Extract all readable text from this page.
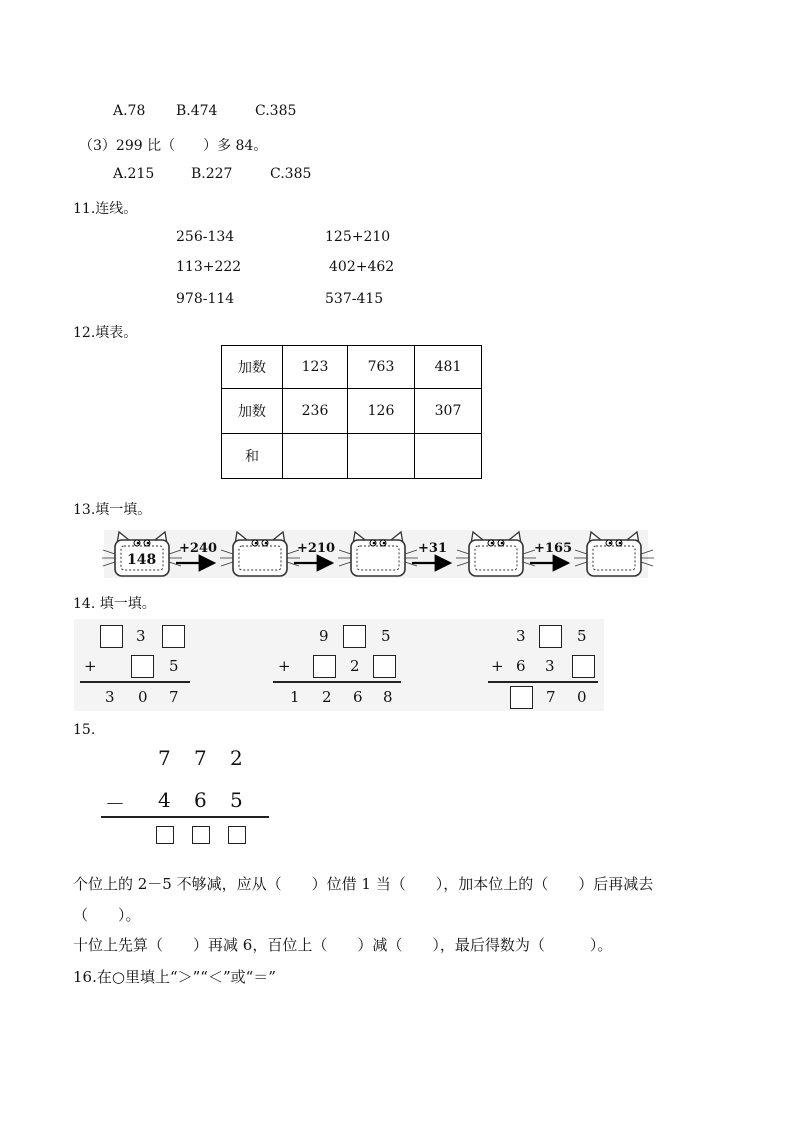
A.78 B.474	C.385
（3）299 比（　　）多 84。
A.215	B.227	C.385
11.连线。
256-134
113+222
978-114
125+210
402+462
537-415
12.填表。
加数	123	763	481
加数	236	126	307
和			
13.填一填。
148
+240	+210	+31	+165
14. 填一填。
3
+	5
3 0 7
9	5
+	2
1 2 6 8
3	5
+ 6 3
7 0
15.
7 7 2
－ 4 6 5
个位上的 2－5 不够减，应从（　　）位借 1 当（　　），加本位上的（　　）后再减去
（　　）。
十位上先算（　　）再减 6，百位上（　　）减（　　），最后得数为（　　　）。
16.在○里填上“＞”“＜”或“＝”
